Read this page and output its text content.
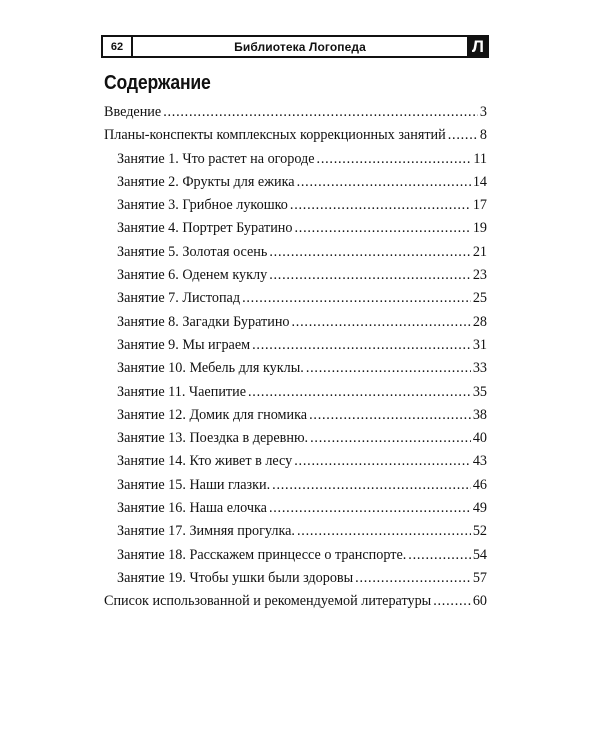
62	Библиотека Логопеда	Л
Содержание
Введение . . .	3
Планы-конспекты комплексных коррекционных занятий . . . 8
Занятие 1. Что растет на огороде . . .	11
Занятие 2. Фрукты для ежика . . .	14
Занятие 3. Грибное лукошко . . .	17
Занятие 4. Портрет Буратино . . .	19
Занятие 5. Золотая осень . . .	21
Занятие 6. Оденем куклу . . .	23
Занятие 7. Листопад . . .	25
Занятие 8. Загадки Буратино . . .	28
Занятие 9. Мы играем . . .	31
Занятие 10. Мебель для куклы. . . .	33
Занятие 11. Чаепитие . . .	35
Занятие 12. Домик для гномика . . .	38
Занятие 13. Поездка в деревню. . . .	40
Занятие 14. Кто живет в лесу . . .	43
Занятие 15. Наши глазки. . . .	46
Занятие 16. Наша елочка . . .	49
Занятие 17. Зимняя прогулка. . . .	52
Занятие 18. Расскажем принцессе о транспорте. . . .	54
Занятие 19. Чтобы ушки были здоровы . . .	57
Список использованной и рекомендуемой литературы . . .	60
